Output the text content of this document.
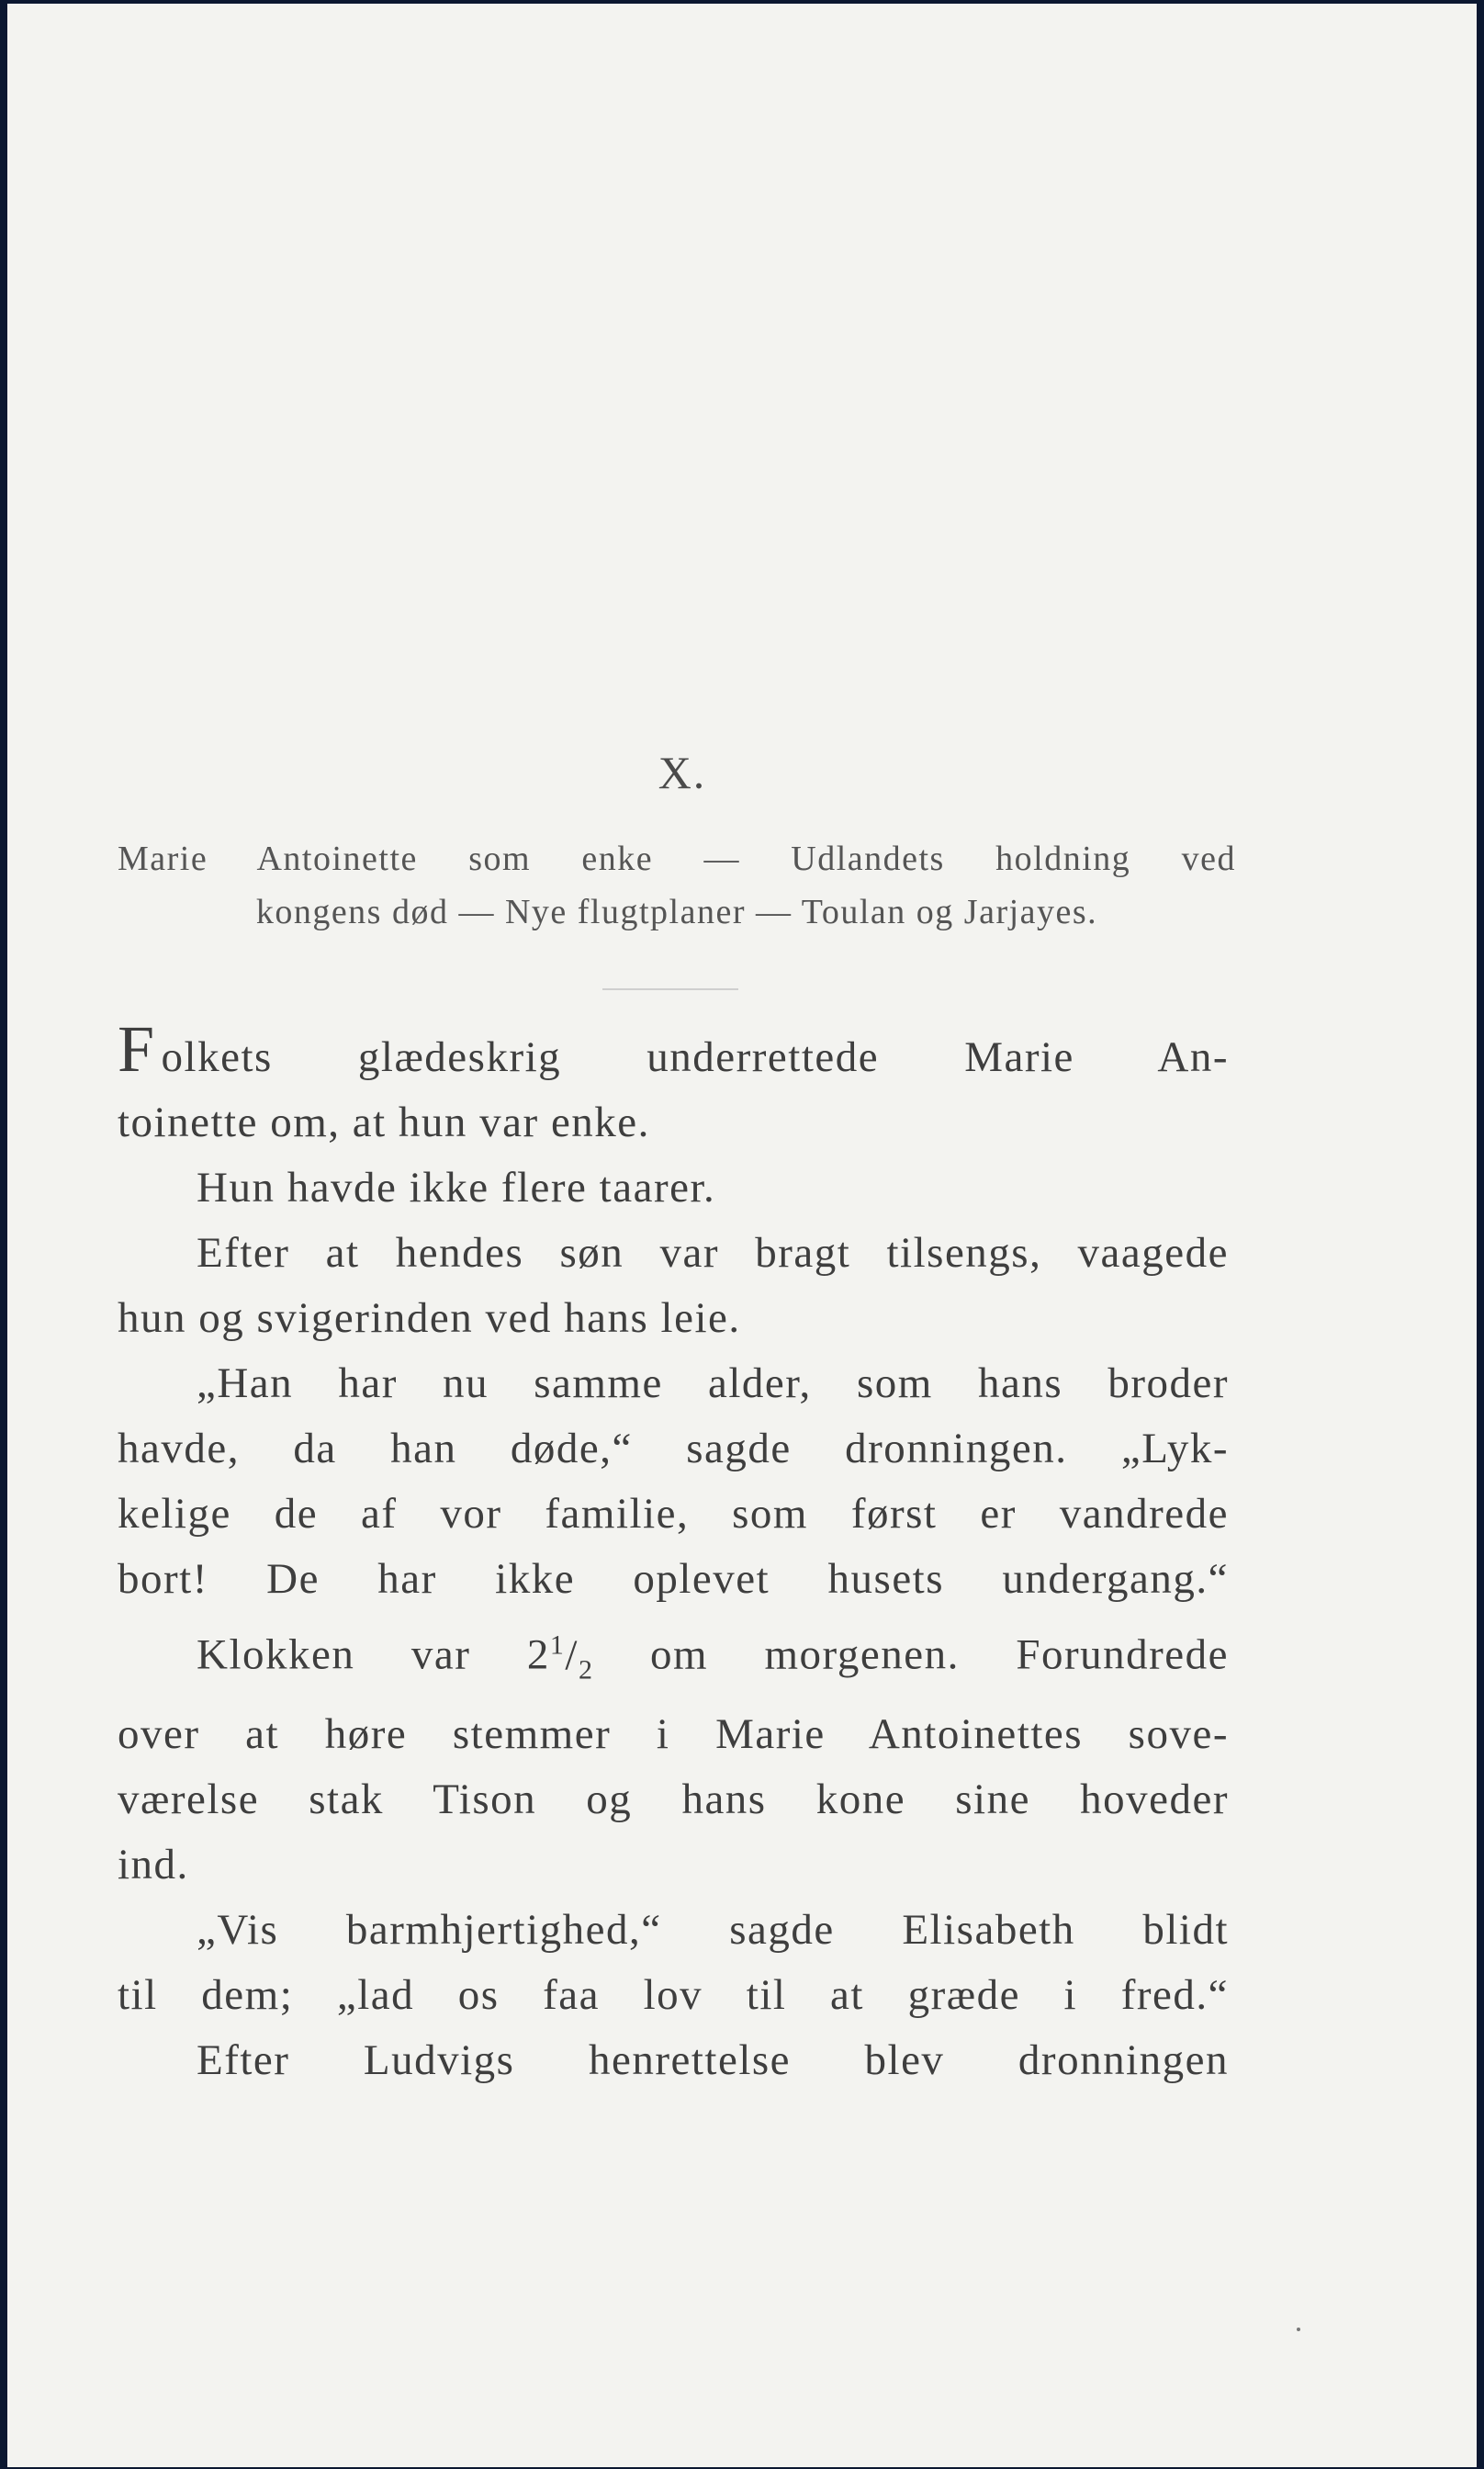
X.
Marie Antoinette som enke — Udlandets holdning ved
kongens død — Nye flugtplaner — Toulan og Jarjayes.
Folkets glædeskrig underrettede Marie An-
toinette om, at hun var enke.
Hun havde ikke flere taarer.
Efter at hendes søn var bragt tilsengs, vaagede
hun og svigerinden ved hans leie.
„Han har nu samme alder, som hans broder
havde, da han døde,“ sagde dronningen. „Lyk-
kelige de af vor familie, som først er vandrede
bort! De har ikke oplevet husets undergang.“
Klokken var $2^1/_2$ om morgenen. Forundrede
over at høre stemmer i Marie Antoinettes sove-
værelse stak Tison og hans kone sine hoveder
ind.
„Vis barmhjertighed,“ sagde Elisabeth blidt
til dem; „lad os faa lov til at græde i fred.“
Efter Ludvigs henrettelse blev dronningen
